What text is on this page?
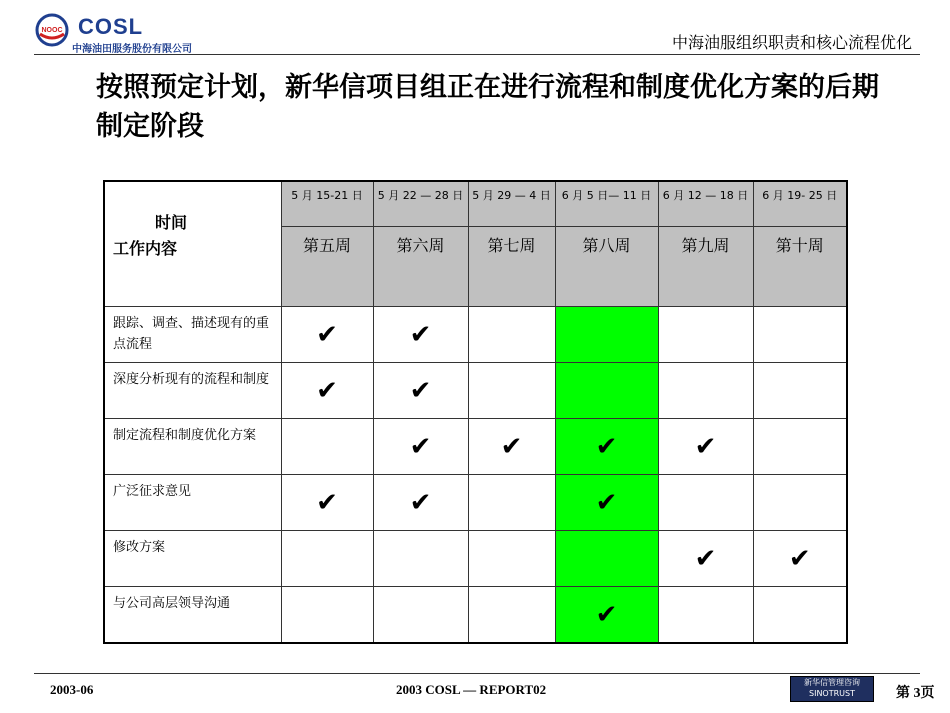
NOOC COSL
中海油田服务股份有限公司	中海油服组织职责和核心流程优化
按照预定计划，新华信项目组正在进行流程和制度优化方案的后期制定阶段
时间
工作内容	5 月 15-21 日	5 月 22 — 28 日	5 月 29 — 4 日	6 月 5 日— 11 日	6 月 12 — 18 日	6 月 19- 25 日
	第五周	第六周	第七周	第八周	第九周	第十周
跟踪、调查、描述现有的重点流程	✔	✔				
深度分析现有的流程和制度	✔	✔				
制定流程和制度优化方案		✔	✔	✔	✔	
广泛征求意见	✔	✔		✔		
修改方案					✔	✔
与公司高层领导沟通				✔		
2003-06	2003 COSL — REPORT02	新华信管理咨询
SINOTRUST	第 3页
